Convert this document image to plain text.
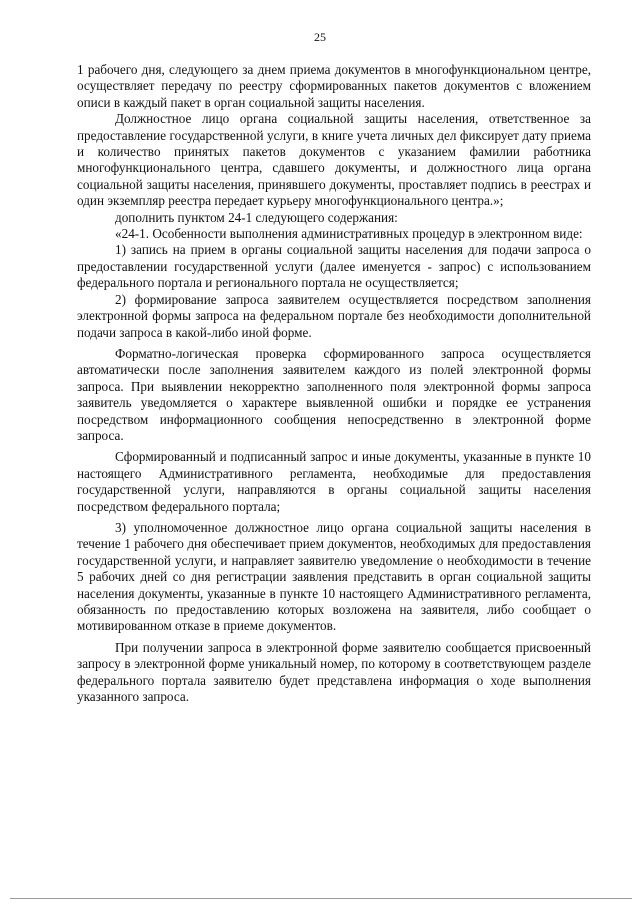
25

1 рабочего дня, следующего за днем приема документов в многофункциональном центре, осуществляет передачу по реестру сформированных пакетов документов с вложением описи в каждый пакет в орган социальной защиты населения.

Должностное лицо органа социальной защиты населения, ответственное за предоставление государственной услуги, в книге учета личных дел фиксирует дату приема и количество принятых пакетов документов с указанием фамилии работника многофункционального центра, сдавшего документы, и должностного лица органа социальной защиты населения, принявшего документы, проставляет подпись в реестрах и один экземпляр реестра передает курьеру многофункционального центра.»;

дополнить пунктом 24-1 следующего содержания:

«24-1. Особенности выполнения административных процедур в электронном виде:

1) запись на прием в органы социальной защиты населения для подачи запроса о предоставлении государственной услуги (далее именуется - запрос) с использованием федерального портала и регионального портала не осуществляется;

2) формирование запроса заявителем осуществляется посредством заполнения электронной формы запроса на федеральном портале без необходимости дополнительной подачи запроса в какой-либо иной форме.

Форматно-логическая проверка сформированного запроса осуществляется автоматически после заполнения заявителем каждого из полей электронной формы запроса. При выявлении некорректно заполненного поля электронной формы запроса заявитель уведомляется о характере выявленной ошибки и порядке ее устранения посредством информационного сообщения непосредственно в электронной форме запроса.

Сформированный и подписанный запрос и иные документы, указанные в пункте 10 настоящего Административного регламента, необходимые для предоставления государственной услуги, направляются в органы социальной защиты населения посредством федерального портала;

3) уполномоченное должностное лицо органа социальной защиты населения в течение 1 рабочего дня обеспечивает прием документов, необходимых для предоставления государственной услуги, и направляет заявителю уведомление о необходимости в течение 5 рабочих дней со дня регистрации заявления представить в орган социальной защиты населения документы, указанные в пункте 10 настоящего Административного регламента, обязанность по предоставлению которых возложена на заявителя, либо сообщает о мотивированном отказе в приеме документов.

При получении запроса в электронной форме заявителю сообщается присвоенный запросу в электронной форме уникальный номер, по которому в соответствующем разделе федерального портала заявителю будет представлена информация о ходе выполнения указанного запроса.
